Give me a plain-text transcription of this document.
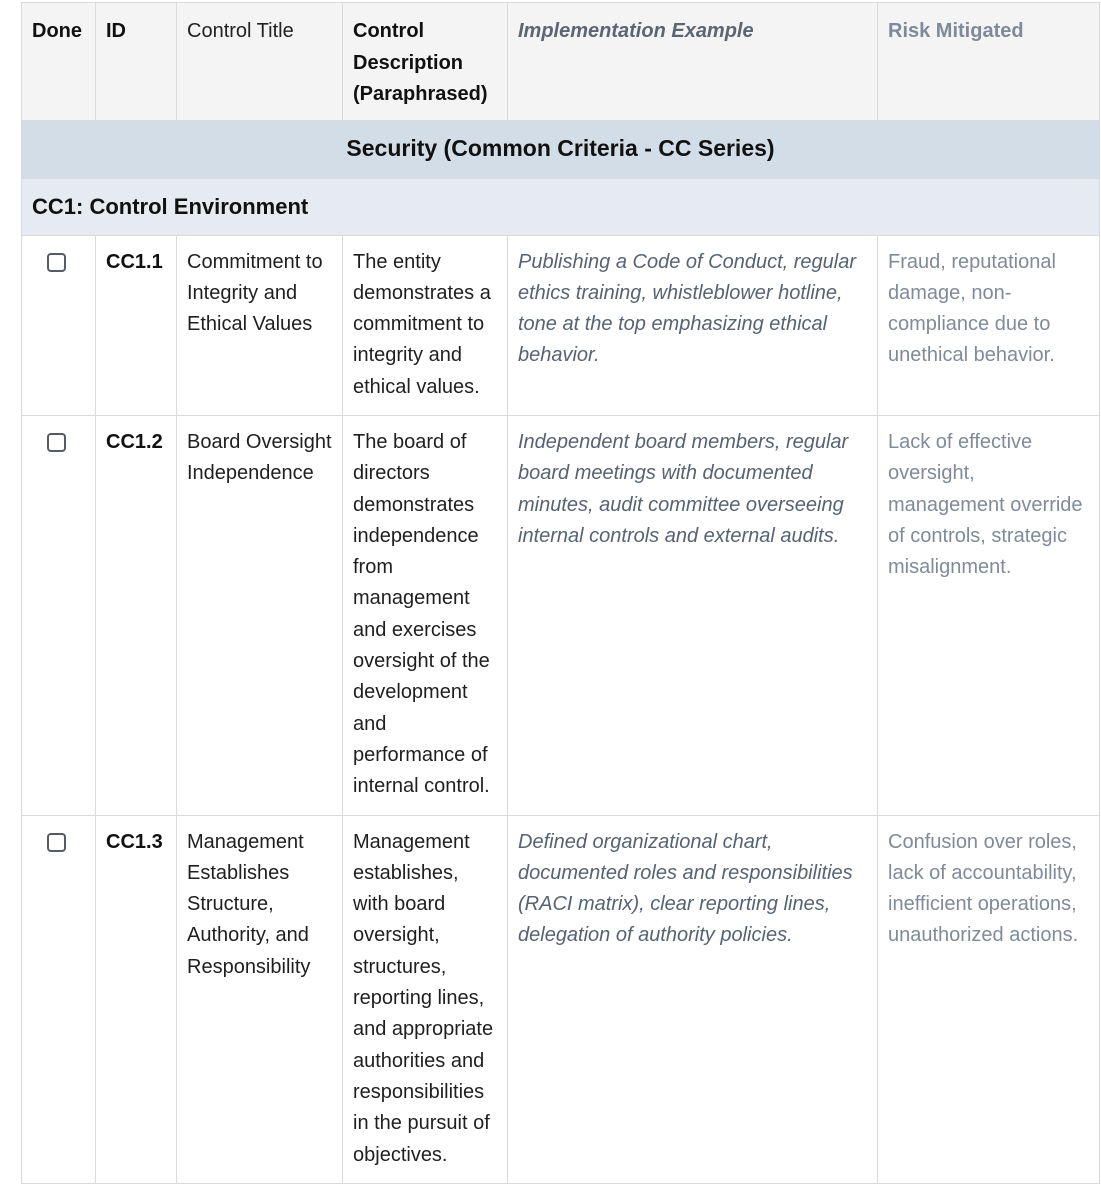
Done	ID	Control Title	Control Description (Paraphrased)	Implementation Example	Risk Mitigated
Security (Common Criteria - CC Series)					
CC1: Control Environment					
	CC1.1	Commitment to Integrity and Ethical Values	The entity demonstrates a commitment to integrity and ethical values.	Publishing a Code of Conduct, regular ethics training, whistleblower hotline, tone at the top emphasizing ethical behavior.	Fraud, reputational damage, non-compliance due to unethical behavior.
	CC1.2	Board Oversight Independence	The board of directors demonstrates independence from management and exercises oversight of the development and performance of internal control.	Independent board members, regular board meetings with documented minutes, audit committee overseeing internal controls and external audits.	Lack of effective oversight, management override of controls, strategic misalignment.
	CC1.3	Management Establishes Structure, Authority, and Responsibility	Management establishes, with board oversight, structures, reporting lines, and appropriate authorities and responsibilities in the pursuit of objectives.	Defined organizational chart, documented roles and responsibilities (RACI matrix), clear reporting lines, delegation of authority policies.	Confusion over roles, lack of accountability, inefficient operations, unauthorized actions.
